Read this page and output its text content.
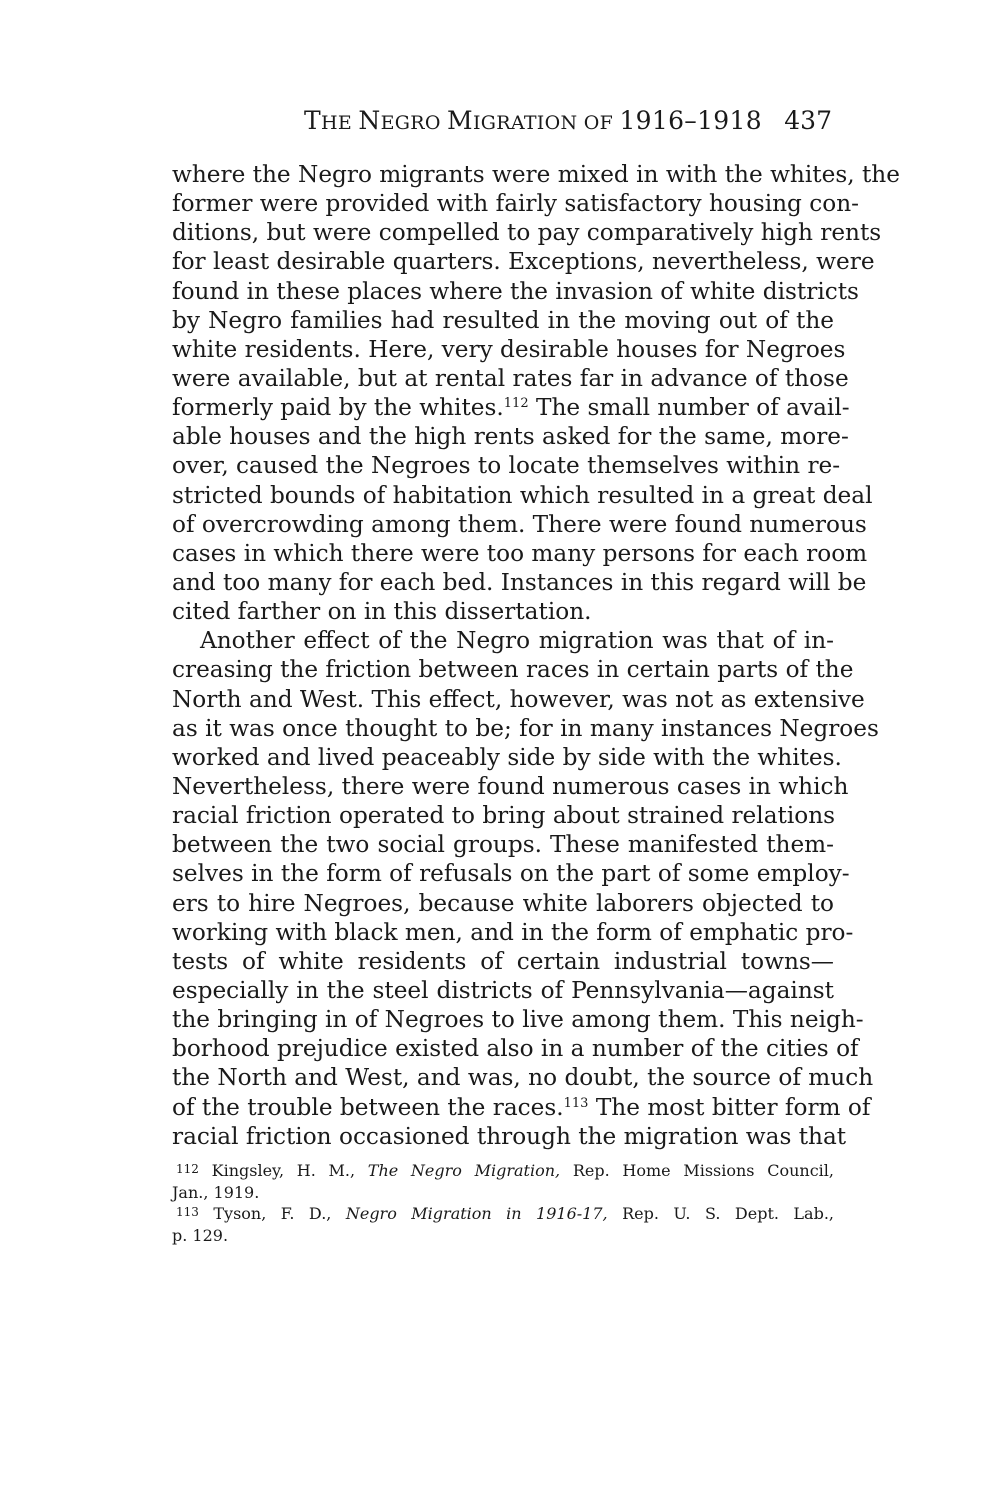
THE NEGRO MIGRATION OF 1916–1918 437
where the Negro migrants were mixed in with the whites, the
former were provided with fairly satisfactory housing con-
ditions, but were compelled to pay comparatively high rents
for least desirable quarters. Exceptions, nevertheless, were
found in these places where the invasion of white districts
by Negro families had resulted in the moving out of the
white residents. Here, very desirable houses for Negroes
were available, but at rental rates far in advance of those
formerly paid by the whites.$^{112}$ The small number of avail-
able houses and the high rents asked for the same, more-
over, caused the Negroes to locate themselves within re-
stricted bounds of habitation which resulted in a great deal
of overcrowding among them. There were found numerous
cases in which there were too many persons for each room
and too many for each bed. Instances in this regard will be
cited farther on in this dissertation.
Another effect of the Negro migration was that of in-
creasing the friction between races in certain parts of the
North and West. This effect, however, was not as extensive
as it was once thought to be; for in many instances Negroes
worked and lived peaceably side by side with the whites.
Nevertheless, there were found numerous cases in which
racial friction operated to bring about strained relations
between the two social groups. These manifested them-
selves in the form of refusals on the part of some employ-
ers to hire Negroes, because white laborers objected to
working with black men, and in the form of emphatic pro-
tests of white residents of certain industrial towns—
especially in the steel districts of Pennsylvania—against
the bringing in of Negroes to live among them. This neigh-
borhood prejudice existed also in a number of the cities of
the North and West, and was, no doubt, the source of much
of the trouble between the races.$^{113}$ The most bitter form of
racial friction occasioned through the migration was that
112 Kingsley, H. M., The Negro Migration, Rep. Home Missions Council,
Jan., 1919.
113 Tyson, F. D., Negro Migration in 1916-17, Rep. U. S. Dept. Lab.,
p. 129.
